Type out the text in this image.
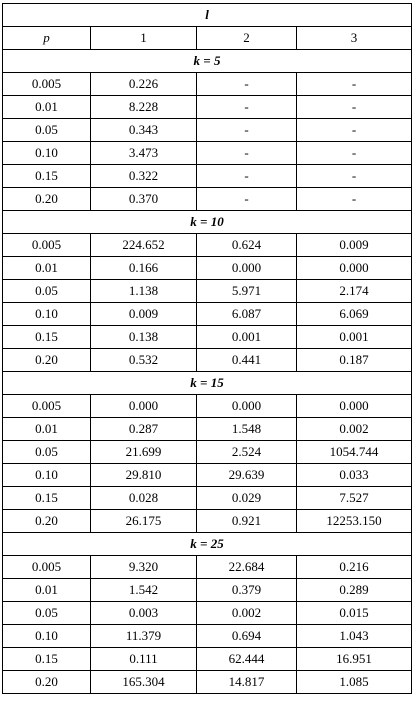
l			
p	1	2	3
k = 5			
0.005	0.226	-	-
0.01	8.228	-	-
0.05	0.343	-	-
0.10	3.473	-	-
0.15	0.322	-	-
0.20	0.370	-	-
k = 10			
0.005	224.652	0.624	0.009
0.01	0.166	0.000	0.000
0.05	1.138	5.971	2.174
0.10	0.009	6.087	6.069
0.15	0.138	0.001	0.001
0.20	0.532	0.441	0.187
k = 15			
0.005	0.000	0.000	0.000
0.01	0.287	1.548	0.002
0.05	21.699	2.524	1054.744
0.10	29.810	29.639	0.033
0.15	0.028	0.029	7.527
0.20	26.175	0.921	12253.150
k = 25			
0.005	9.320	22.684	0.216
0.01	1.542	0.379	0.289
0.05	0.003	0.002	0.015
0.10	11.379	0.694	1.043
0.15	0.111	62.444	16.951
0.20	165.304	14.817	1.085
